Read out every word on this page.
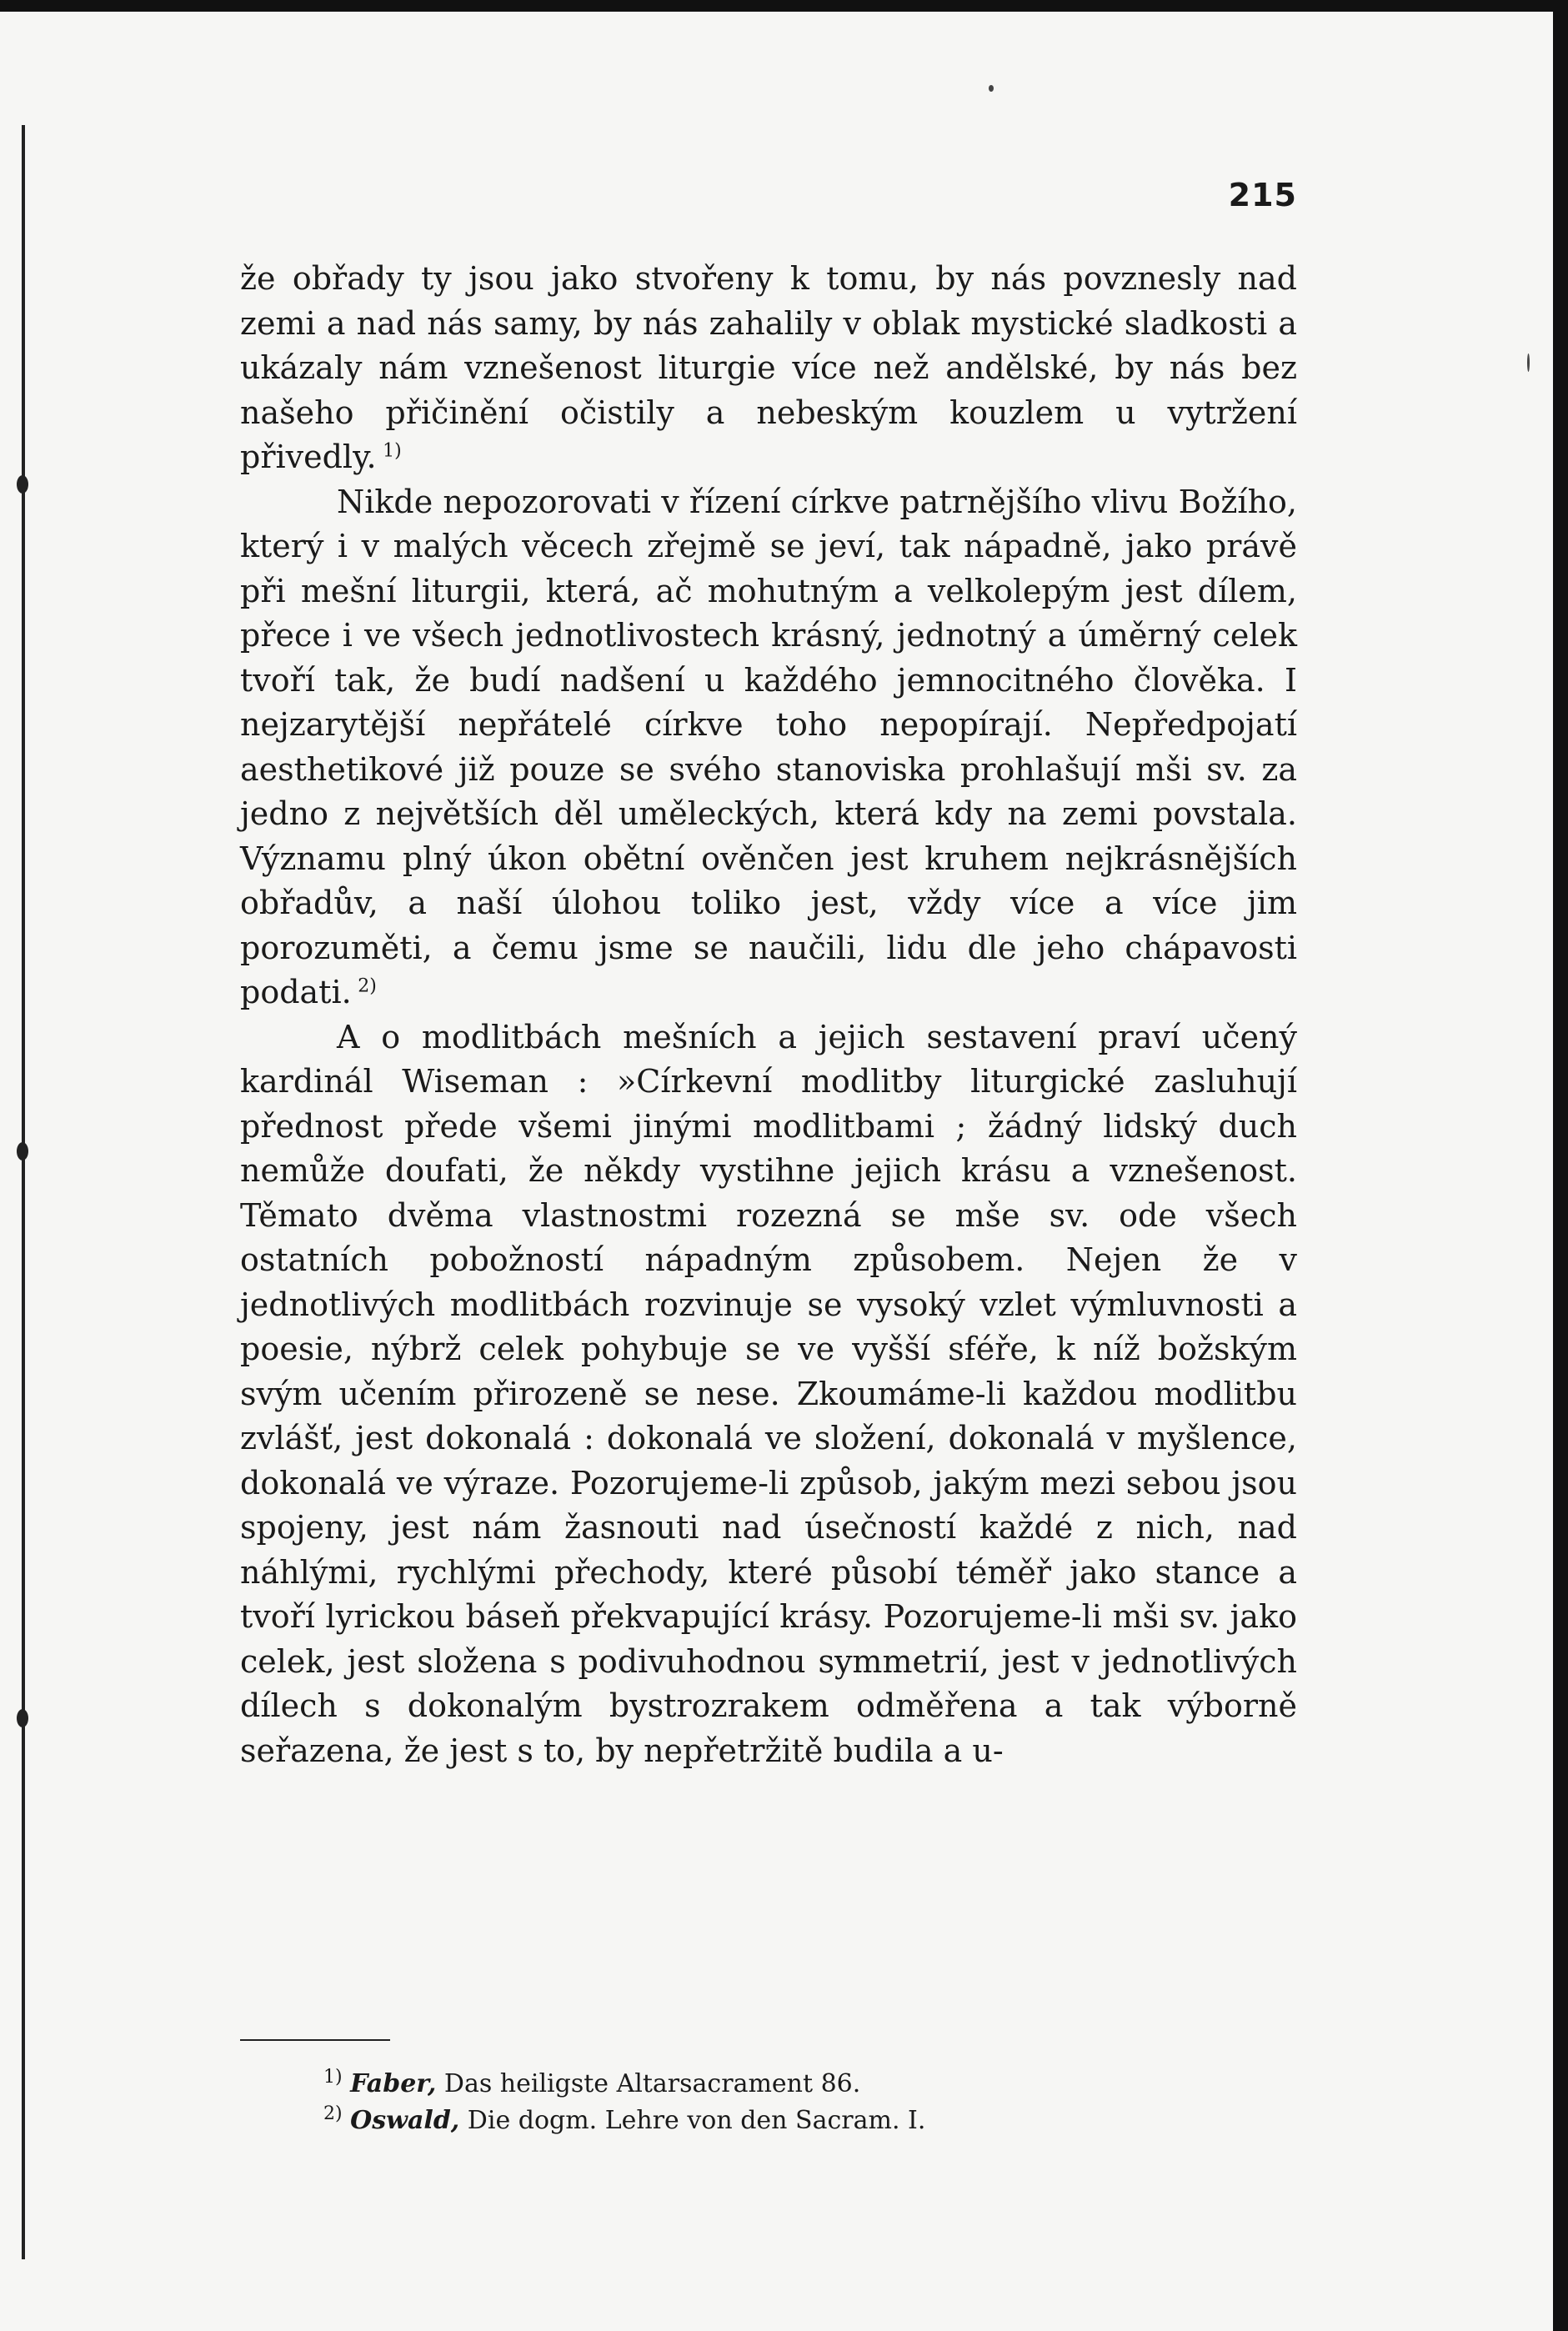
215

že obřady ty jsou jako stvořeny k tomu, by nás povznesly nad zemi a nad nás samy, by nás zahalily v oblak mystické sladkosti a ukázaly nám vznešenost liturgie více než andělské, by nás bez našeho přičinění očistily a nebeským kouzlem u vytržení přivedly.  $^{1)}$

Nikde nepozorovati v řízení církve patrnějšího vlivu Božího, který i v malých věcech zřejmě se jeví, tak nápadně, jako právě při mešní liturgii, která, ač mohutným a velkolepým jest dílem, přece i ve všech jednotlivostech krásný, jednotný a úměrný celek tvoří tak, že budí nadšení u každého jemnocitného člověka. I nejzarytější nepřátelé církve toho nepopírají. Nepředpojatí aesthetikové již pouze se svého stanoviska prohlašují mši sv. za jedno z největších děl uměleckých, která kdy na zemi povstala. Významu plný úkon obětní ověnčen jest kruhem nejkrásnějších obřadův, a naší úlohou toliko jest, vždy více a více jim porozuměti, a čemu jsme se naučili, lidu dle jeho chápavosti podati.  $^{2)}$

A o modlitbách mešních a jejich sestavení praví učený kardinál Wiseman : »Církevní modlitby liturgické zasluhují přednost přede všemi jinými modlitbami ; žádný lidský duch nemůže doufati, že někdy vystihne jejich krásu a vznešenost. Těmato dvěma vlastnostmi rozezná se mše sv. ode všech ostatních pobožností nápadným způsobem. Nejen že v jednotlivých modlitbách rozvinuje se vysoký vzlet výmluvnosti a poesie, nýbrž celek pohybuje se ve vyšší sféře, k níž božským svým učením přirozeně se nese. Zkoumáme-li každou modlitbu zvlášť, jest dokonalá : dokonalá ve složení, dokonalá v myšlence, dokonalá ve výraze. Pozorujeme-li způsob, jakým mezi sebou jsou spojeny, jest nám žasnouti nad úsečností každé z nich, nad náhlými, rychlými přechody, které působí téměř jako stance a tvoří lyrickou báseň překvapující krásy. Pozorujeme-li mši sv. jako celek, jest složena s podivuhodnou symmetrií, jest v jednotlivých dílech s dokonalým bystrozrakem odměřena a tak výborně seřazena, že jest s to, by nepřetržitě budila a u-

$^{1)}$ Faber, Das heiligste Altarsacrament 86.

$^{2)}$ Oswald, Die dogm. Lehre von den Sacram. I.
